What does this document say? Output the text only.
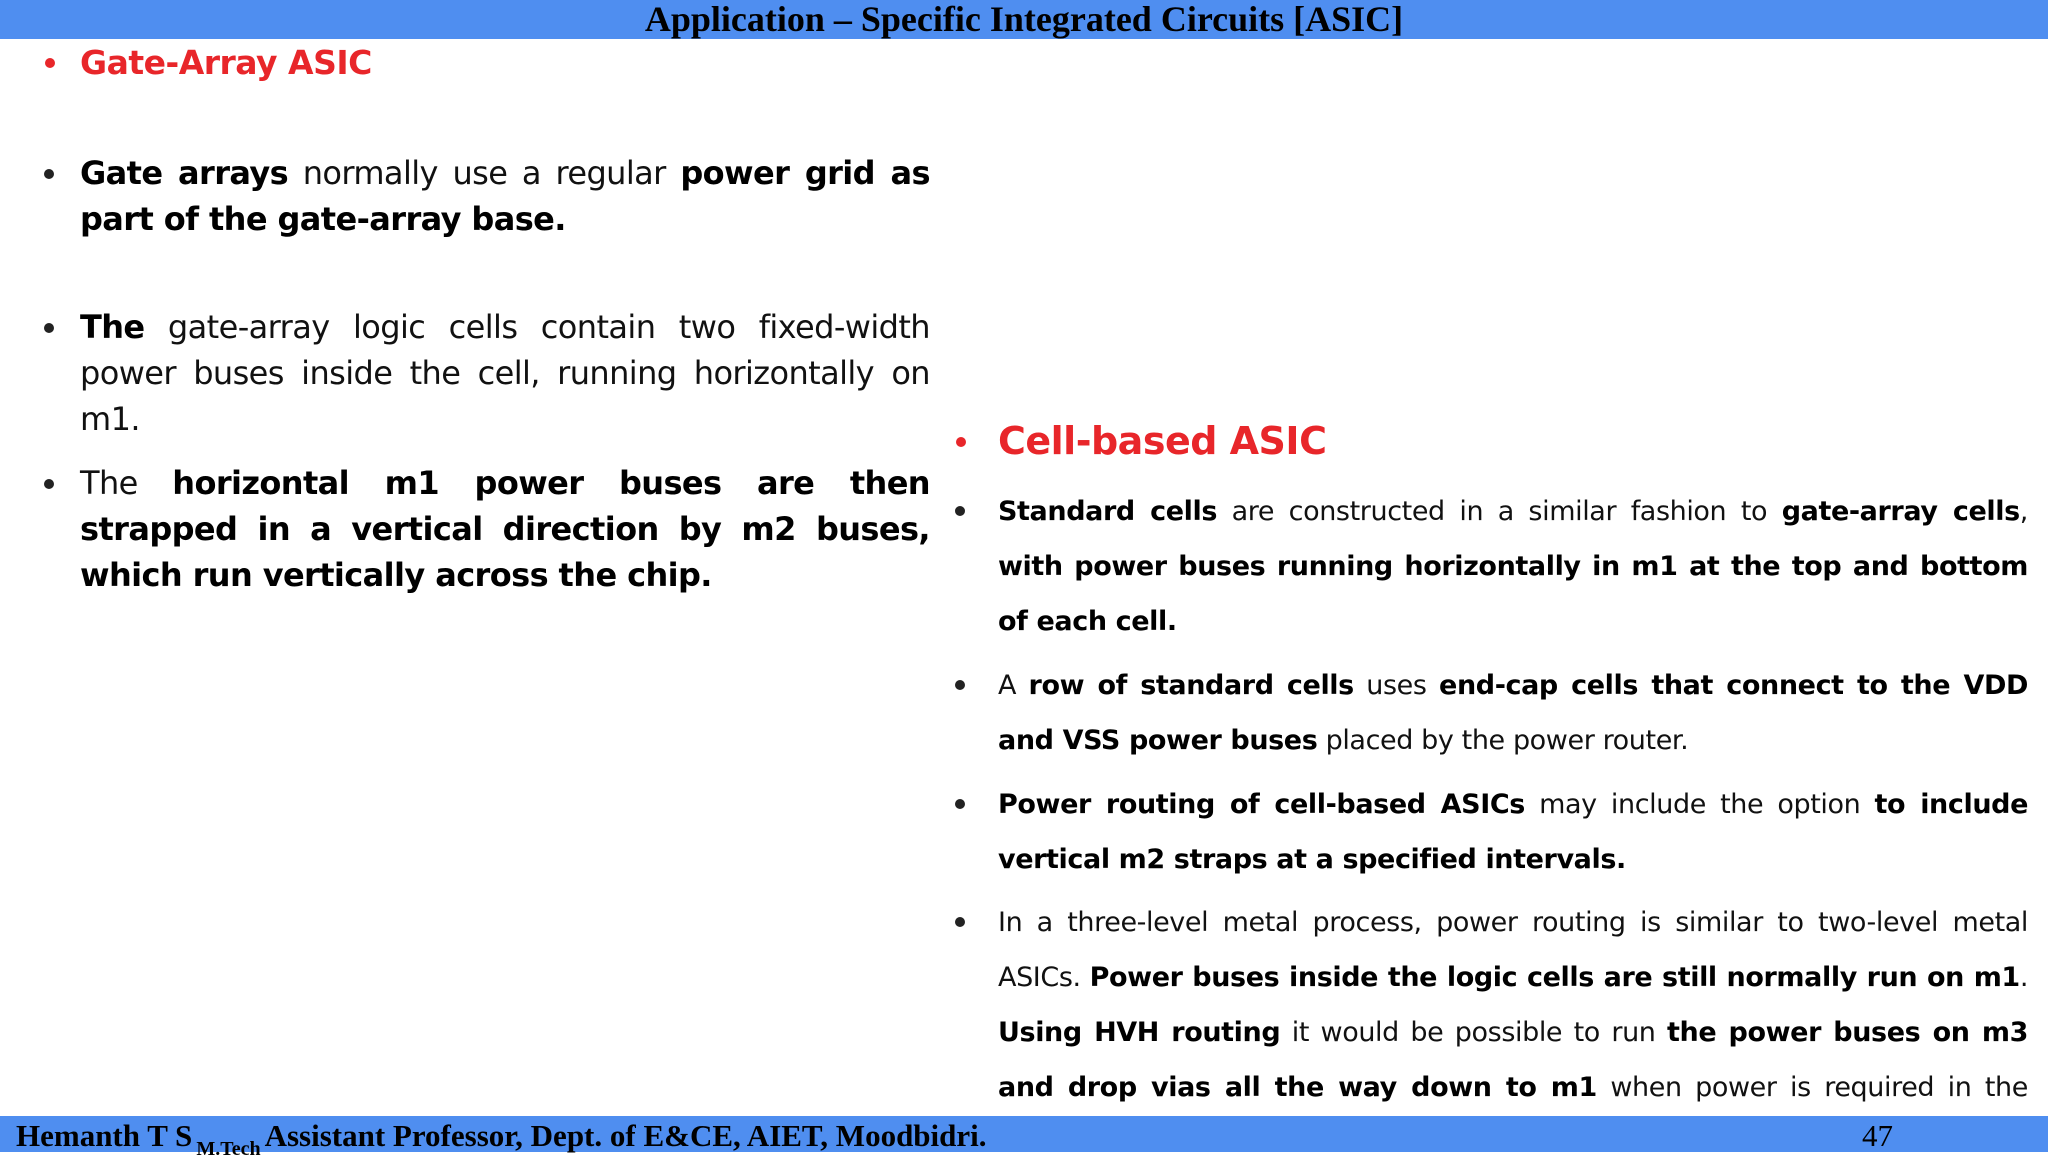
Application – Specific Integrated Circuits [ASIC]
Gate-Array ASIC
Gate arrays normally use a regular power grid as part of the gate-array base.
The gate-array logic cells contain two fixed-width power buses inside the cell, running horizontally on m1.
The horizontal m1 power buses are then strapped in a vertical direction by m2 buses, which run vertically across the chip.
Cell-based ASIC
Standard cells are constructed in a similar fashion to gate-array cells, with power buses running horizontally in m1 at the top and bottom of each cell.
A row of standard cells uses end-cap cells that connect to the VDD and VSS power buses placed by the power router.
Power routing of cell-based ASICs may include the option to include vertical m2 straps at a specified intervals.
In a three-level metal process, power routing is similar to two-level metal ASICs. Power buses inside the logic cells are still normally run on m1. Using HVH routing it would be possible to run the power buses on m3 and drop vias all the way down to m1 when power is required in the
Hemanth T S $_{M.Tech}$ Assistant Professor, Dept. of E&CE, AIET, Moodbidri.	47
